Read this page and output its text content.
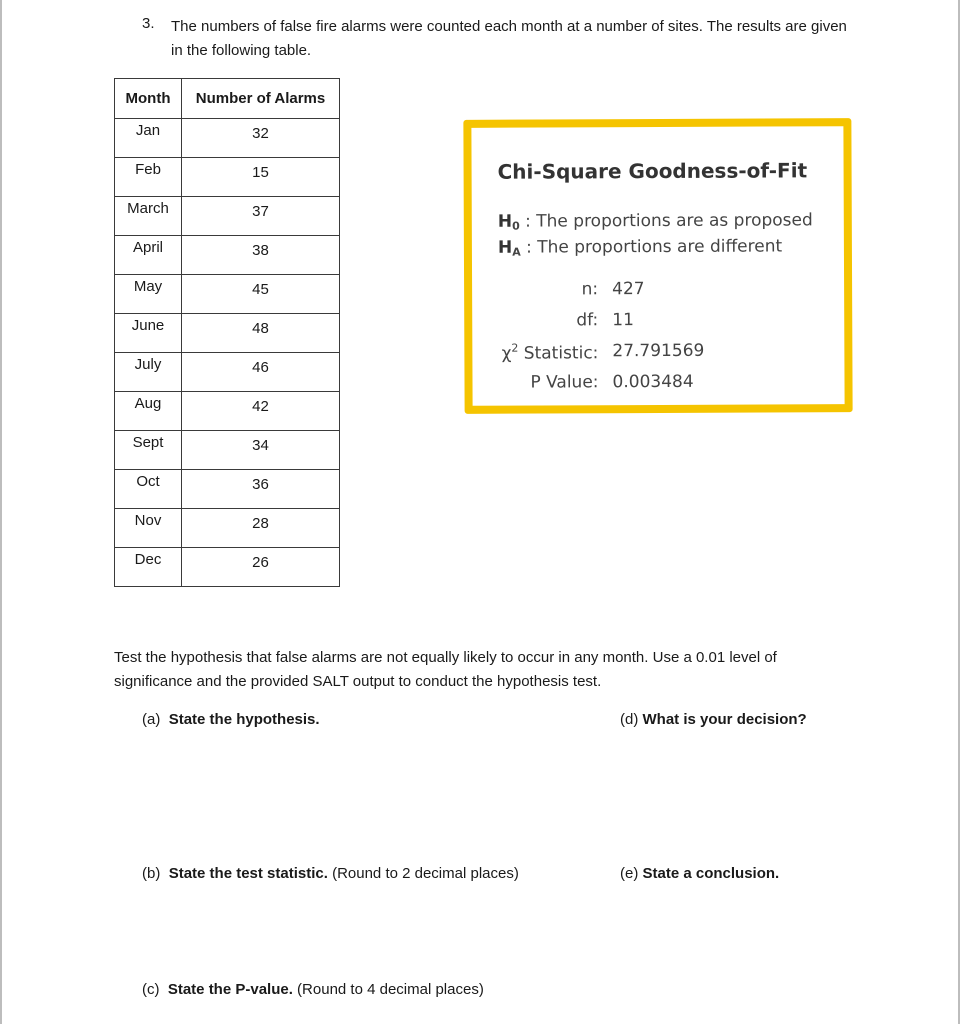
3. The numbers of false fire alarms were counted each month at a number of sites. The results are given in the following table.
Month	Number of Alarms
Jan	32
Feb	15
March	37
April	38
May	45
June	48
July	46
Aug	42
Sept	34
Oct	36
Nov	28
Dec	26
Chi-Square Goodness-of-Fit
$H_0$ : The proportions are as proposed
$H_A$ : The proportions are different
n: 427
df: 11
$\chi^2$ Statistic: 27.791569
P Value: 0.003484
Test the hypothesis that false alarms are not equally likely to occur in any month. Use a 0.01 level of significance and the provided SALT output to conduct the hypothesis test.
(a) State the hypothesis.	(d) What is your decision?
(b) State the test statistic. (Round to 2 decimal places)	(e) State a conclusion.
(c) State the P-value. (Round to 4 decimal places)
